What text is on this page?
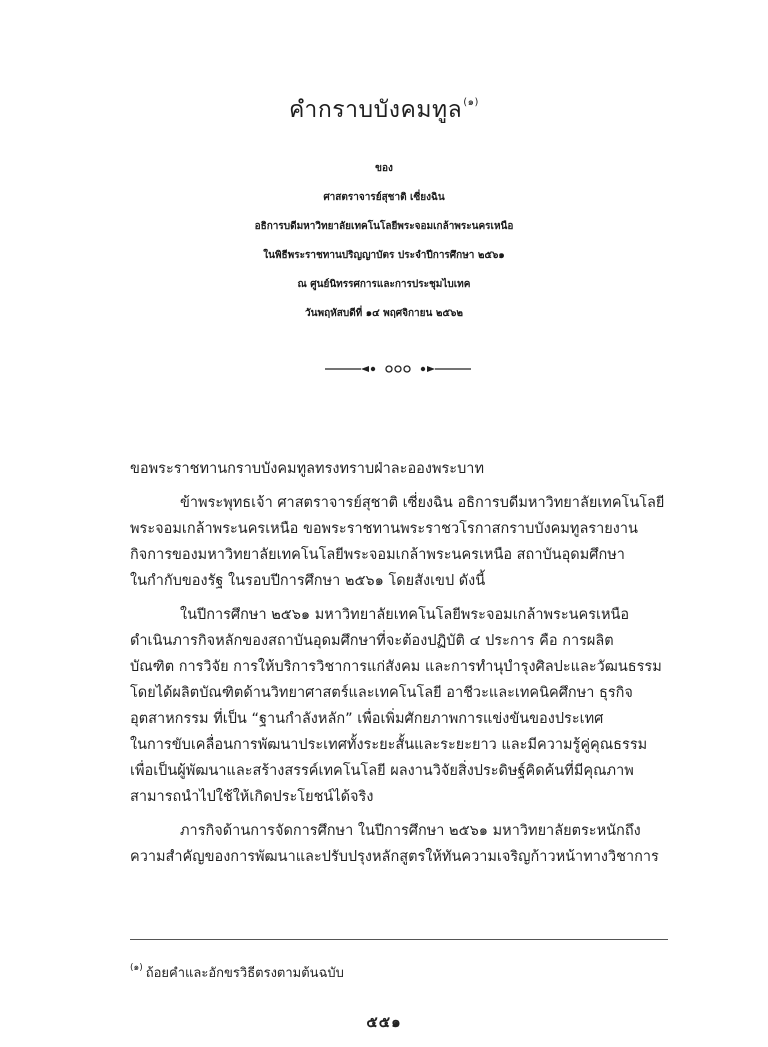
คำกราบบังคมทูล$^{(๑)}$
ของ
ศาสตราจารย์สุชาติ เซี่ยงฉิน
อธิการบดีมหาวิทยาลัยเทคโนโลยีพระจอมเกล้าพระนครเหนือ
ในพิธีพระราชทานปริญญาบัตร ประจำปีการศึกษา ๒๕๖๑
ณ ศูนย์นิทรรศการและการประชุมไบเทค
วันพฤหัสบดีที่ ๑๔ พฤศจิกายน ๒๕๖๒

ขอพระราชทานกราบบังคมทูลทรงทราบฝ่าละอองพระบาท

ข้าพระพุทธเจ้า ศาสตราจารย์สุชาติ เซี่ยงฉิน อธิการบดีมหาวิทยาลัยเทคโนโลยี
พระจอมเกล้าพระนครเหนือ ขอพระราชทานพระราชวโรกาสกราบบังคมทูลรายงาน
กิจการของมหาวิทยาลัยเทคโนโลยีพระจอมเกล้าพระนครเหนือ สถาบันอุดมศึกษา
ในกำกับของรัฐ ในรอบปีการศึกษา ๒๕๖๑ โดยสังเขป ดังนี้

ในปีการศึกษา ๒๕๖๑ มหาวิทยาลัยเทคโนโลยีพระจอมเกล้าพระนครเหนือ
ดำเนินภารกิจหลักของสถาบันอุดมศึกษาที่จะต้องปฏิบัติ ๔ ประการ คือ การผลิต
บัณฑิต การวิจัย การให้บริการวิชาการแก่สังคม และการทำนุบำรุงศิลปะและวัฒนธรรม
โดยได้ผลิตบัณฑิตด้านวิทยาศาสตร์และเทคโนโลยี อาชีวะและเทคนิคศึกษา ธุรกิจ
อุตสาหกรรม ที่เป็น “ฐานกำลังหลัก” เพื่อเพิ่มศักยภาพการแข่งขันของประเทศ
ในการขับเคลื่อนการพัฒนาประเทศทั้งระยะสั้นและระยะยาว และมีความรู้คู่คุณธรรม
เพื่อเป็นผู้พัฒนาและสร้างสรรค์เทคโนโลยี ผลงานวิจัยสิ่งประดิษฐ์คิดค้นที่มีคุณภาพ
สามารถนำไปใช้ให้เกิดประโยชน์ได้จริง

ภารกิจด้านการจัดการศึกษา ในปีการศึกษา ๒๕๖๑ มหาวิทยาลัยตระหนักถึง
ความสำคัญของการพัฒนาและปรับปรุงหลักสูตรให้ทันความเจริญก้าวหน้าทางวิชาการ

$^{(๑)}$ ถ้อยคำและอักขรวิธีตรงตามต้นฉบับ
๕๕๑
